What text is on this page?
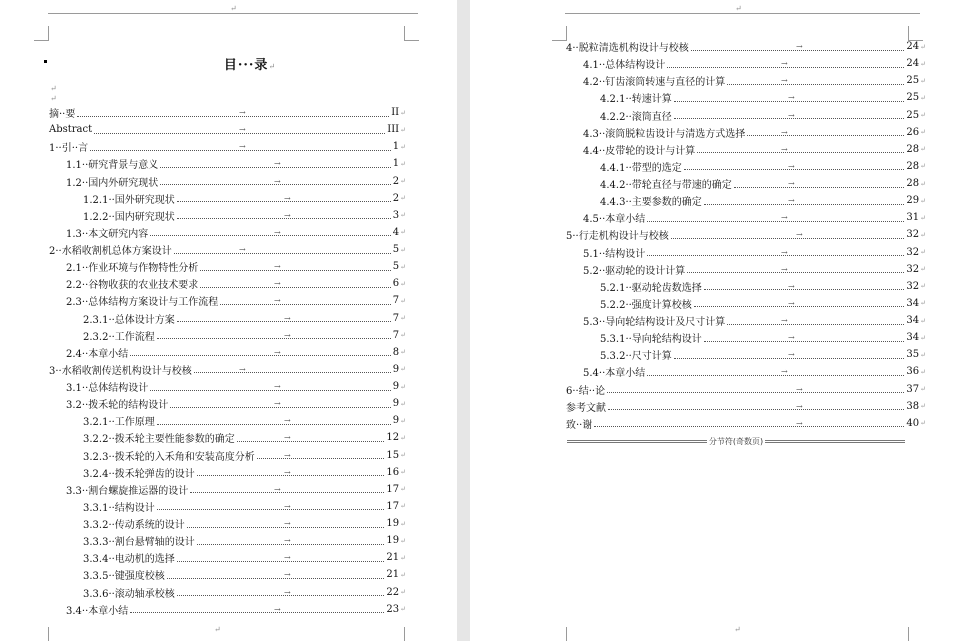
↵
目···录↵
↵
↵
摘··要	II ↵
→
Abstract	III ↵
→
1··引··言	1 ↵
→
1.1··研究背景与意义	1 ↵
→
1.2··国内外研究现状	2 ↵
→
1.2.1··国外研究现状	2 ↵
→
1.2.2··国内研究现状	3 ↵
→
1.3··本文研究内容	4 ↵
→
2··水稻收割机总体方案设计	5 ↵
→
2.1··作业环境与作物特性分析	5 ↵
→
2.2··谷物收获的农业技术要求	6 ↵
→
2.3··总体结构方案设计与工作流程	7 ↵
→
2.3.1··总体设计方案	7 ↵
→
2.3.2··工作流程	7 ↵
→
2.4··本章小结	8 ↵
→
3··水稻收割传送机构设计与校核	9 ↵
→
3.1··总体结构设计	9 ↵
→
3.2··拨禾轮的结构设计	9 ↵
→
3.2.1··工作原理	9 ↵
→
3.2.2··拨禾轮主要性能参数的确定	12 ↵
→
3.2.3··拨禾轮的入禾角和安装高度分析	15 ↵
→
3.2.4··拨禾轮弹齿的设计	16 ↵
→
3.3··割台螺旋推运器的设计	17 ↵
→
3.3.1··结构设计	17 ↵
→
3.3.2··传动系统的设计	19 ↵
→
3.3.3··割台悬臂轴的设计	19 ↵
→
3.3.4··电动机的选择	21 ↵
→
3.3.5··键强度校核	21 ↵
→
3.3.6··滚动轴承校核	22 ↵
→
3.4··本章小结	23 ↵
→
↵
↵
4··脱粒清选机构设计与校核	24 ↵
→
4.1··总体结构设计	24 ↵
→
4.2··钉齿滚筒转速与直径的计算	25 ↵
→
4.2.1··转速计算	25 ↵
→
4.2.2··滚筒直径	25 ↵
→
4.3··滚筒脱粒齿设计与清选方式选择	26 ↵
→
4.4··皮带轮的设计与计算	28 ↵
→
4.4.1··带型的选定	28 ↵
→
4.4.2··带轮直径与带速的确定	28 ↵
→
4.4.3··主要参数的确定	29 ↵
→
4.5··本章小结	31 ↵
→
5··行走机构设计与校核	32 ↵
→
5.1··结构设计	32 ↵
→
5.2··驱动轮的设计计算	32 ↵
→
5.2.1··驱动轮齿数选择	32 ↵
→
5.2.2··强度计算校核	34 ↵
→
5.3··导向轮结构设计及尺寸计算	34 ↵
→
5.3.1··导向轮结构设计	34 ↵
→
5.3.2··尺寸计算	35 ↵
→
5.4··本章小结	36 ↵
→
6··结··论	37 ↵
→
参考文献	38 ↵
→
致··谢	40 ↵
→
↵
分节符(奇数页)
